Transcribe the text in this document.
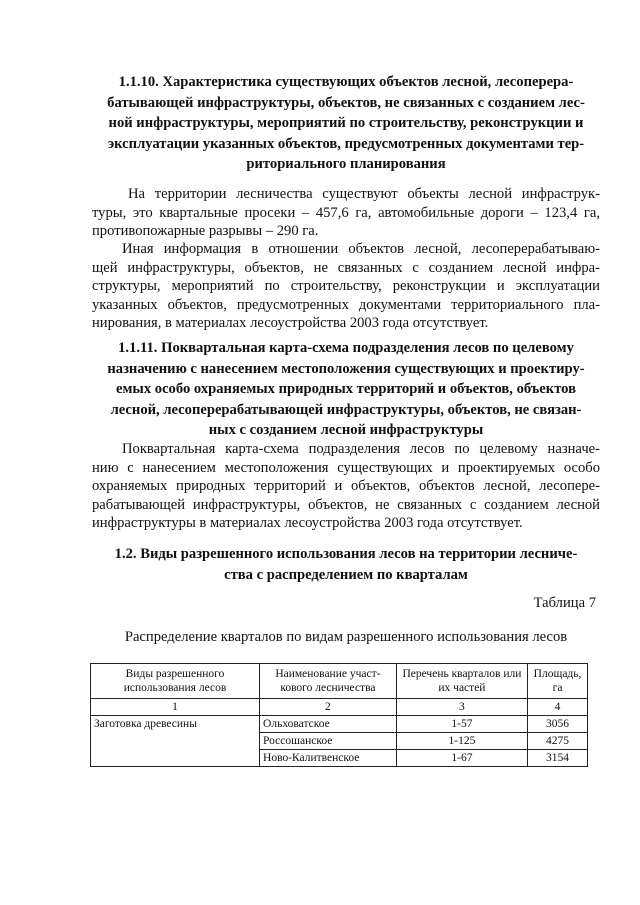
1.1.10. Характеристика существующих объектов лесной, лесоперера-
батывающей инфраструктуры, объектов, не связанных с созданием лес-
ной инфраструктуры, мероприятий по строительству, реконструкции и
эксплуатации указанных объектов, предусмотренных документами тер-
риториального планирования

На территории лесничества существуют объекты лесной инфраструк-
туры, это квартальные просеки – 457,6 га, автомобильные дороги – 123,4 га,
противопожарные разрывы – 290 га.

Иная информация в отношении объектов лесной, лесоперерабатываю-
щей инфраструктуры, объектов, не связанных с созданием лесной инфра-
структуры, мероприятий по строительству, реконструкции и эксплуатации
указанных объектов, предусмотренных документами территориального пла-
нирования, в материалах лесоустройства 2003 года отсутствует.

1.1.11. Поквартальная карта-схема подразделения лесов по целевому
назначению с нанесением местоположения существующих и проектиру-
емых особо охраняемых природных территорий и объектов, объектов
лесной, лесоперерабатывающей инфраструктуры, объектов, не связан-
ных с созданием лесной инфраструктуры

Поквартальная карта-схема подразделения лесов по целевому назначе-
нию с нанесением местоположения существующих и проектируемых особо
охраняемых природных территорий и объектов, объектов лесной, лесопере-
рабатывающей инфраструктуры, объектов, не связанных с созданием лесной
инфраструктуры в материалах лесоустройства 2003 года отсутствует.

1.2. Виды разрешенного использования лесов на территории лесниче-
ства с распределением по кварталам

Таблица 7

Распределение кварталов по видам разрешенного использования лесов

Виды разрешенного использования лесов	Наименование участ-кового лесничества	Перечень кварталов или их частей	Площадь, га
1	2	3	4
Заготовка древесины	Ольховатское	1-57	3056
	Россошанское	1-125	4275
	Ново-Калитвенское	1-67	3154
